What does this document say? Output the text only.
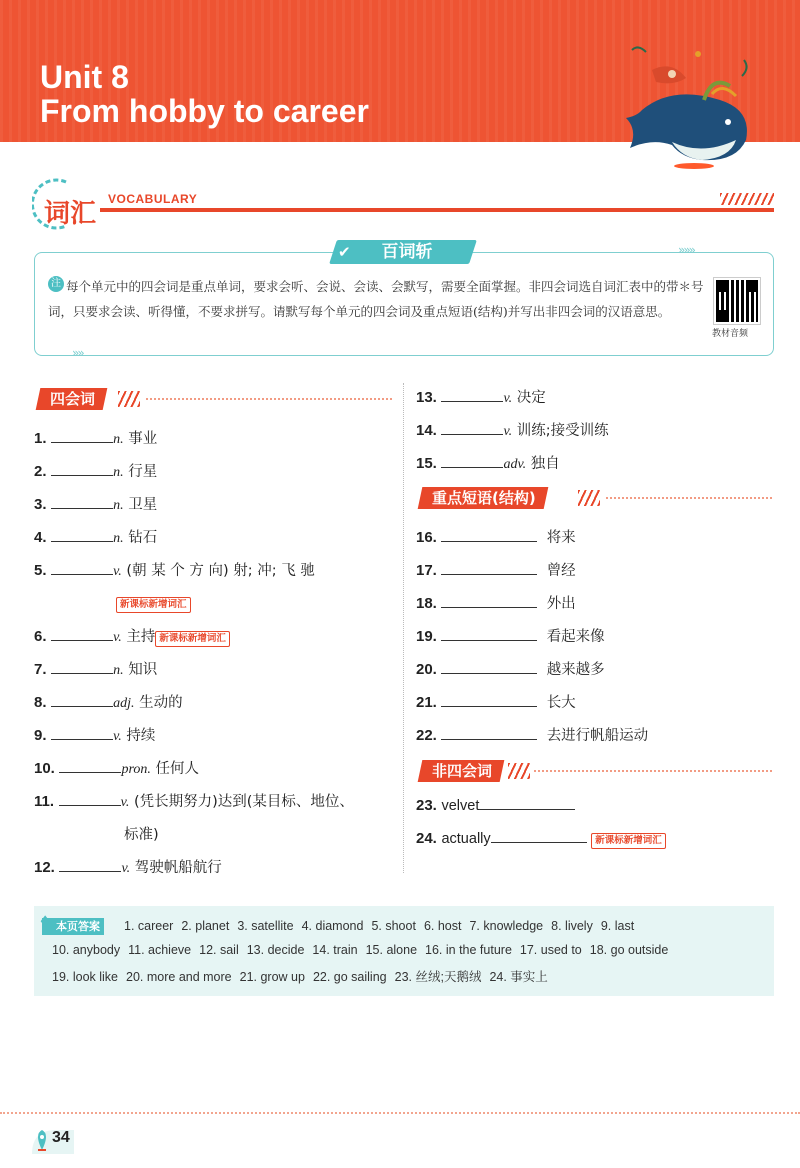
Unit 8
From hobby to career
词汇 VOCABULARY
✔	百词斩	»»»
»»
注 每个单元中的四会词是重点单词，要求会听、会说、会读、会默写，需要全面掌握。非四会词选自词汇表中的带＊号词，只要求会读、听得懂，不要求拼写。请默写每个单元的四会词及重点短语(结构)并写出非四会词的汉语意思。
教材音频
四会词
1.	n. 事业
2.	n. 行星
3.	n. 卫星
4.	n. 钻石
5.	v. (朝 某 个 方 向) 射; 冲; 飞 驰
新课标新增词汇
6.	v. 主持 新课标新增词汇
7.	n. 知识
8.	adj. 生动的
9.	v. 持续
10.	pron. 任何人
11.	v. (凭长期努力)达到(某目标、地位、
标准)
12.	v. 驾驶帆船航行
13.	v. 决定
14.	v. 训练;接受训练
15.	adv. 独自
重点短语(结构)
16.	将来
17.	曾经
18.	外出
19.	看起来像
20.	越来越多
21.	长大
22.	去进行帆船运动
非四会词
23. velvet
24. actually	新课标新增词汇
本页答案
♦	1. career 2. planet 3. satellite 4. diamond 5. shoot 6. host 7. knowledge 8. lively 9. last
10. anybody 11. achieve 12. sail 13. decide 14. train 15. alone 16. in the future 17. used to 18. go outside
19. look like 20. more and more 21. grow up 22. go sailing 23. 丝绒;天鹅绒 24. 事实上
34
